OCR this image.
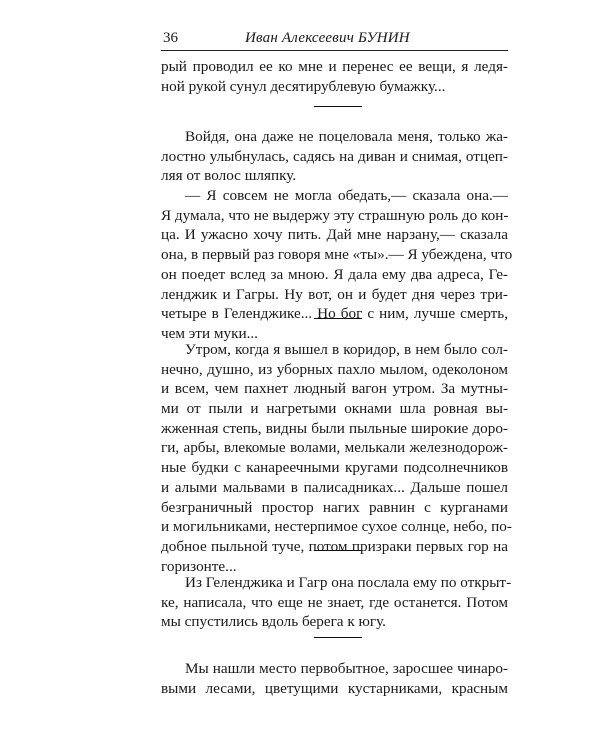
36	Иван Алексеевич БУНИН
рый проводил ее ко мне и перенес ее вещи, я ледя-
ной рукой сунул десятирублевую бумажку...
Войдя, она даже не поцеловала меня, только жа-
лостно улыбнулась, садясь на диван и снимая, отцеп-
ляя от волос шляпку.
— Я совсем не могла обедать,— сказала она.—
Я думала, что не выдержу эту страшную роль до кон-
ца. И ужасно хочу пить. Дай мне нарзану,— сказала
она, в первый раз говоря мне «ты».— Я убеждена, что
он поедет вслед за мною. Я дала ему два адреса, Ге-
ленджик и Гагры. Ну вот, он и будет дня через три-
четыре в Геленджике... Но бог с ним, лучше смерть,
чем эти муки...
Утром, когда я вышел в коридор, в нем было сол-
нечно, душно, из уборных пахло мылом, одеколоном
и всем, чем пахнет людный вагон утром. За мутны-
ми от пыли и нагретыми окнами шла ровная вы-
жженная степь, видны были пыльные широкие доро-
ги, арбы, влекомые волами, мелькали железнодорож-
ные будки с канареечными кругами подсолнечников
и алыми мальвами в палисадниках... Дальше пошел
безграничный простор нагих равнин с курганами
и могильниками, нестерпимое сухое солнце, небо, по-
добное пыльной туче, потом призраки первых гор на
горизонте...
Из Геленджика и Гагр она послала ему по открыт-
ке, написала, что еще не знает, где останется. Потом
мы спустились вдоль берега к югу.
Мы нашли место первобытное, заросшее чинаро-
выми лесами, цветущими кустарниками, красным
